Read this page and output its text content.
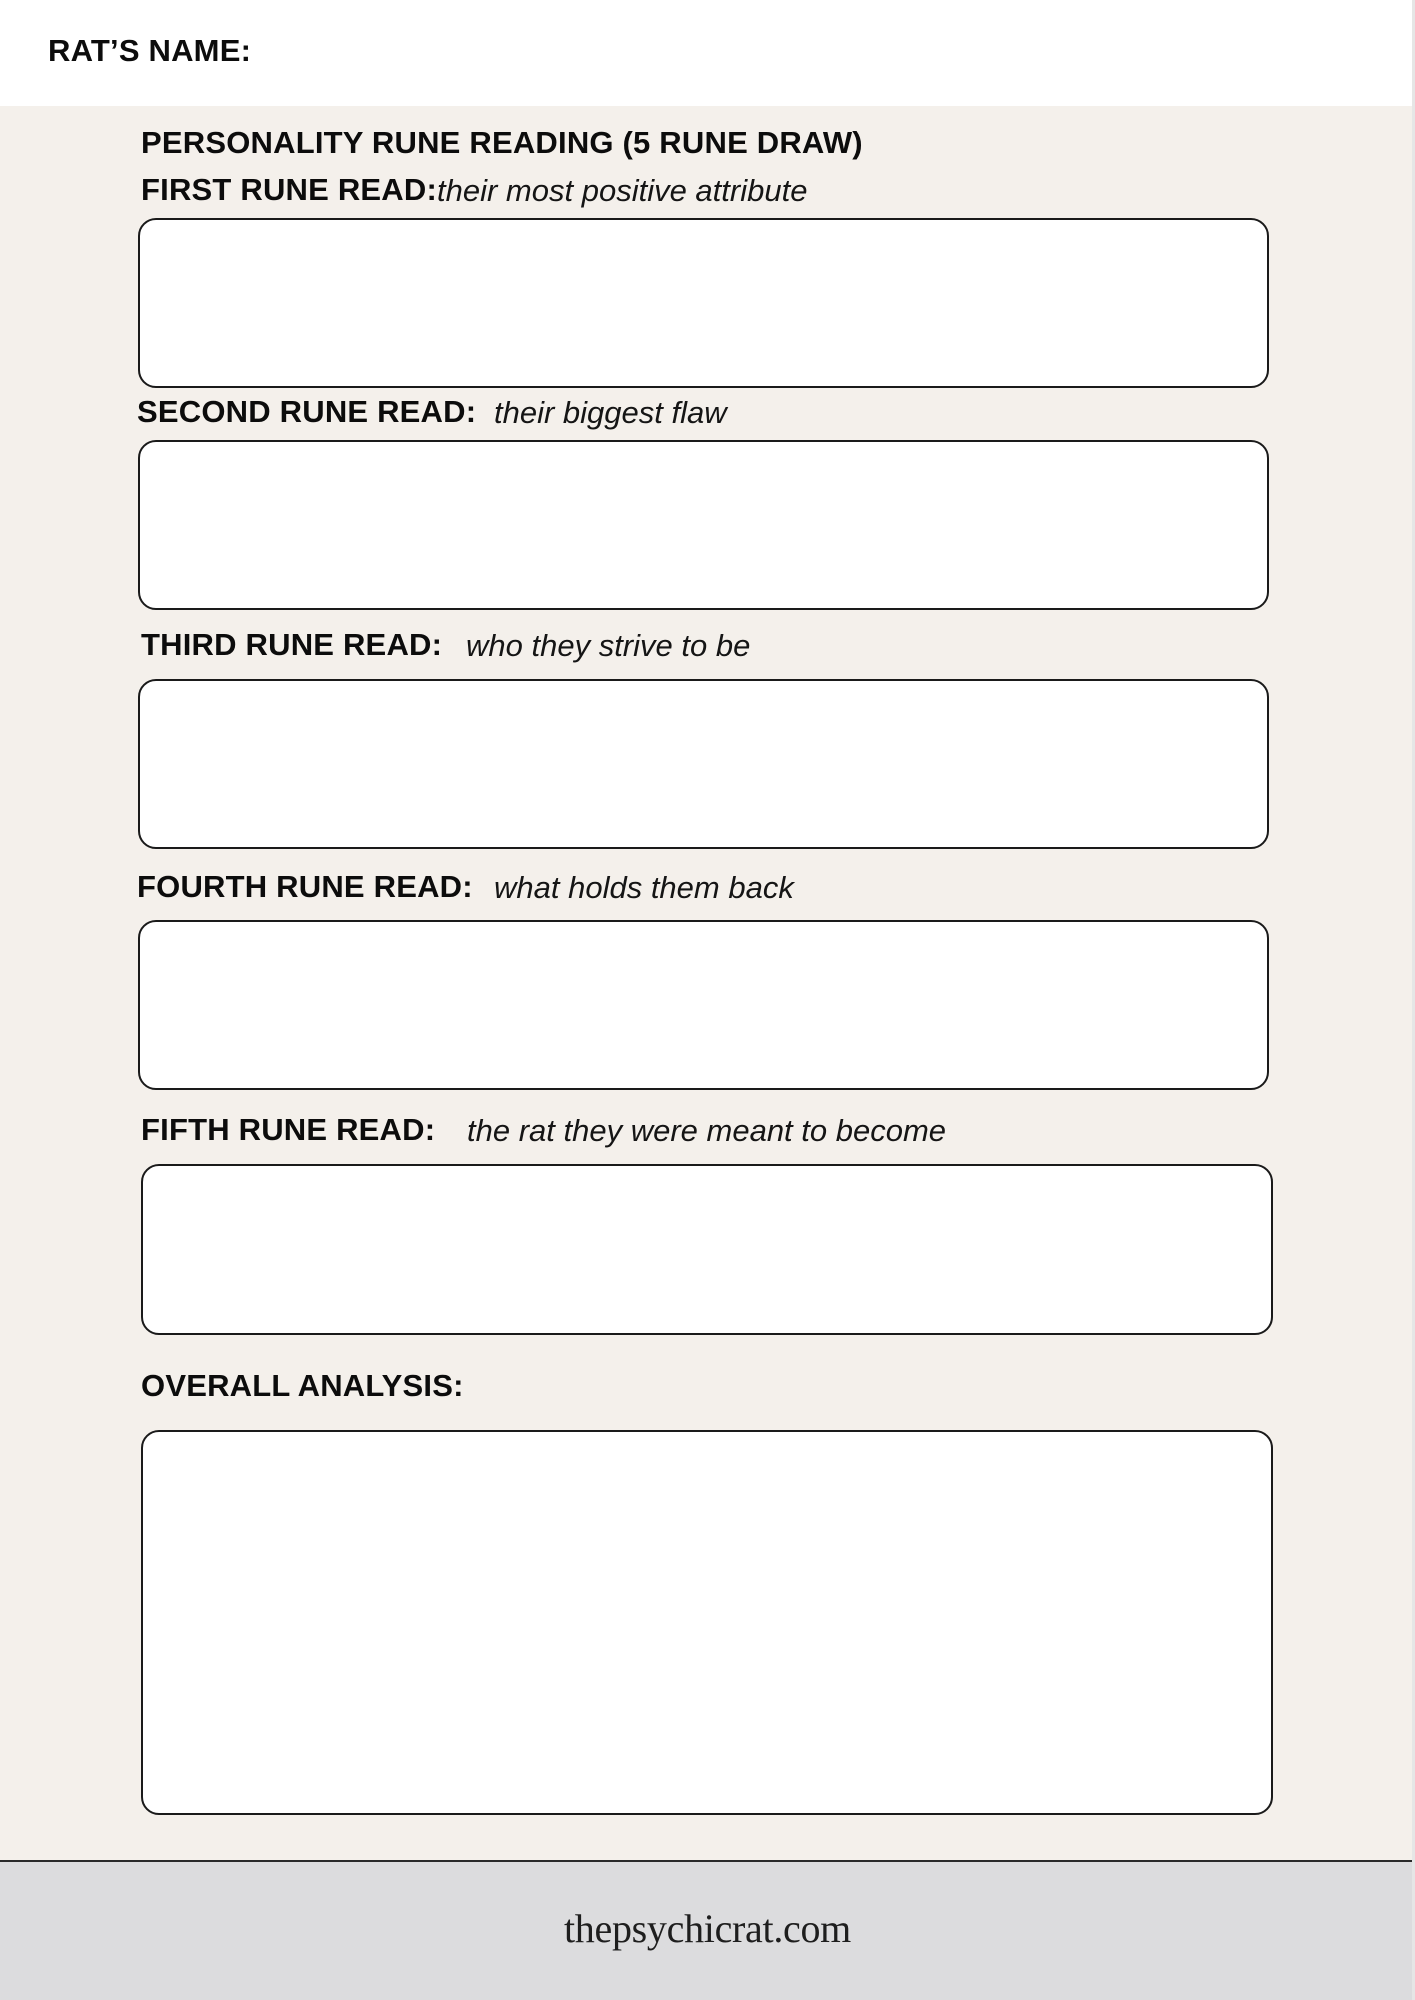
RAT’S NAME:
PERSONALITY RUNE READING (5 RUNE DRAW)
FIRST RUNE READ: their most positive attribute
SECOND RUNE READ: their biggest flaw
THIRD RUNE READ: who they strive to be
FOURTH RUNE READ: what holds them back
FIFTH RUNE READ: the rat they were meant to become
OVERALL ANALYSIS:
thepsychicrat.com
